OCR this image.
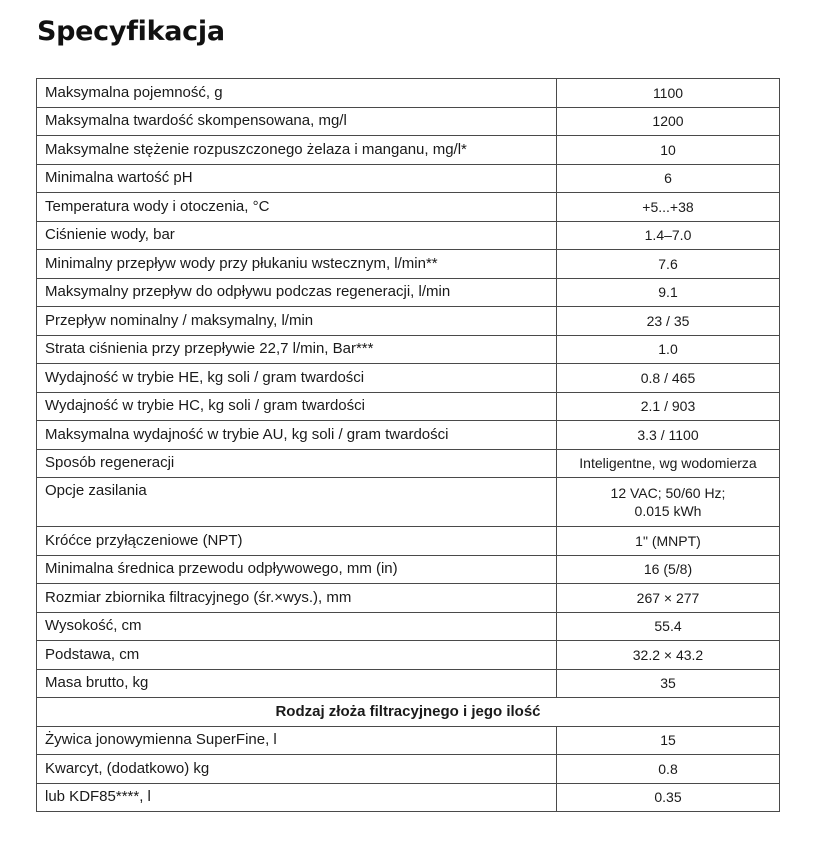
Specyfikacja
Maksymalna pojemność, g	1100
Maksymalna twardość skompensowana, mg/l	1200
Maksymalne stężenie rozpuszczonego żelaza i manganu, mg/l*	10
Minimalna wartość pH	6
Temperatura wody i otoczenia, °C	+5...+38
Ciśnienie wody, bar	1.4–7.0
Minimalny przepływ wody przy płukaniu wstecznym, l/min**	7.6
Maksymalny przepływ do odpływu podczas regeneracji, l/min	9.1
Przepływ nominalny / maksymalny, l/min	23 / 35
Strata ciśnienia przy przepływie 22,7 l/min, Bar***	1.0
Wydajność w trybie HE, kg soli / gram twardości	0.8 / 465
Wydajność w trybie HC, kg soli / gram twardości	2.1 / 903
Maksymalna wydajność w trybie AU, kg soli / gram twardości	3.3 / 1100
Sposób regeneracji	Inteligentne, wg wodomierza
Opcje zasilania	12 VAC; 50/60 Hz;
0.015 kWh

Króćce przyłączeniowe (NPT)	1" (MNPT)
Minimalna średnica przewodu odpływowego, mm (in)	16 (5/8)
Rozmiar zbiornika filtracyjnego (śr.×wys.), mm	267 × 277
Wysokość, cm	55.4
Podstawa, cm	32.2 × 43.2
Masa brutto, kg	35
Rodzaj złoża filtracyjnego i jego ilość	
Żywica jonowymienna SuperFine, l	15
Kwarcyt, (dodatkowo) kg	0.8
lub KDF85****, l	0.35
